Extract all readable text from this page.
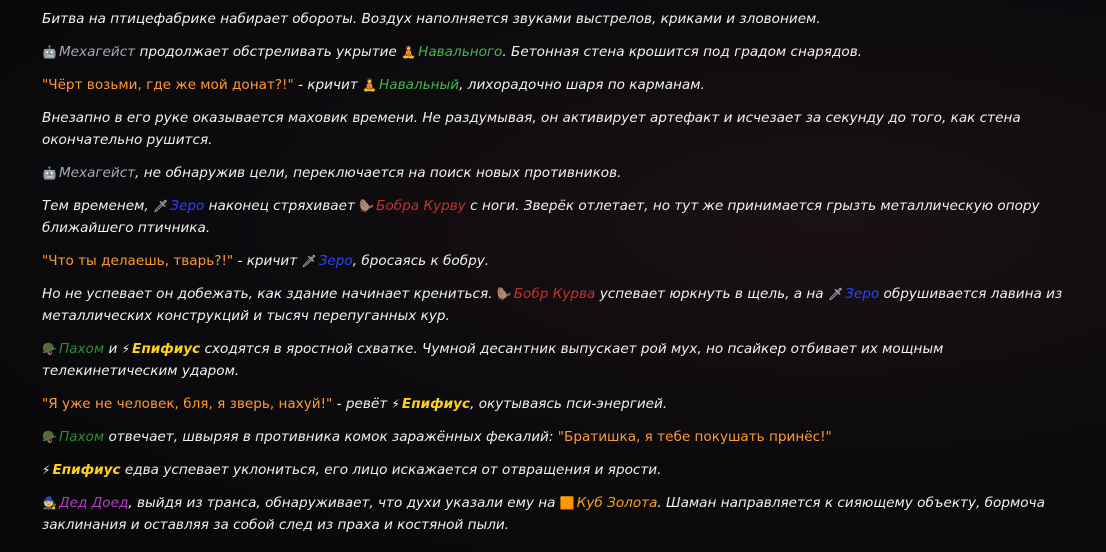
Битва на птицефабрике набирает обороты. Воздух наполняется звуками выстрелов, криками и зловонием.

🤖 Мехагейст продолжает обстреливать укрытие 🧘 Навального. Бетонная стена крошится под градом снарядов.

"Чёрт возьми, где же мой донат?!" - кричит 🧘 Навальный, лихорадочно шаря по карманам.

Внезапно в его руке оказывается маховик времени. Не раздумывая, он активирует артефакт и исчезает за секунду до того, как стена окончательно рушится.

🤖 Мехагейст, не обнаружив цели, переключается на поиск новых противников.

Тем временем, 🗡 Зеро наконец стряхивает 🦫 Бобра Курву с ноги. Зверёк отлетает, но тут же принимается грызть металлическую опору ближайшего птичника.

"Что ты делаешь, тварь?!" - кричит 🗡 Зеро, бросаясь к бобру.

Но не успевает он добежать, как здание начинает крениться. 🦫 Бобр Курва успевает юркнуть в щель, а на 🗡 Зеро обрушивается лавина из металлических конструкций и тысяч перепуганных кур.

🪖 Пахом и ⚡ Епифиус сходятся в яростной схватке. Чумной десантник выпускает рой мух, но псайкер отбивает их мощным телекинетическим ударом.

"Я уже не человек, бля, я зверь, нахуй!" - ревёт ⚡ Епифиус, окутываясь пси-энергией.

🪖 Пахом отвечает, швыряя в противника комок заражённых фекалий: "Братишка, я тебе покушать принёс!"

⚡ Епифиус едва успевает уклониться, его лицо искажается от отвращения и ярости.

🧙 Дед Доед, выйдя из транса, обнаруживает, что духи указали ему на 🟧 Куб Золота. Шаман направляется к сияющему объекту, бормоча заклинания и оставляя за собой след из праха и костяной пыли.
